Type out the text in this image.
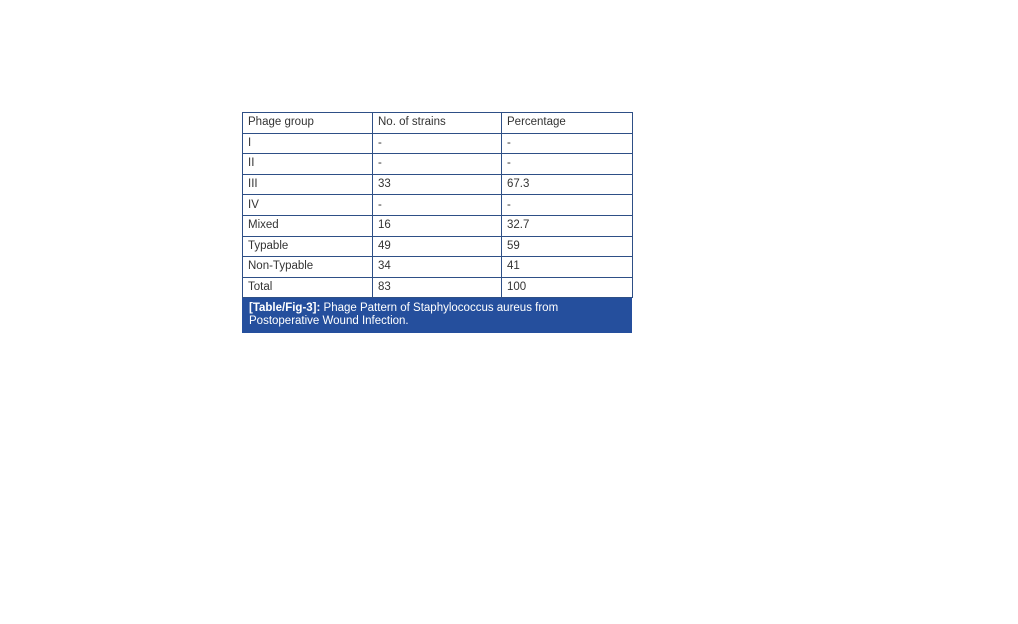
Phage group	No. of strains	Percentage
I	-	-
II	-	-
III	33	67.3
IV	-	-
Mixed	16	32.7
Typable	49	59
Non-Typable	34	41
Total	83	100
[Table/Fig-3]: Phage Pattern of Staphylococcus aureus from Postoperative Wound Infection.
